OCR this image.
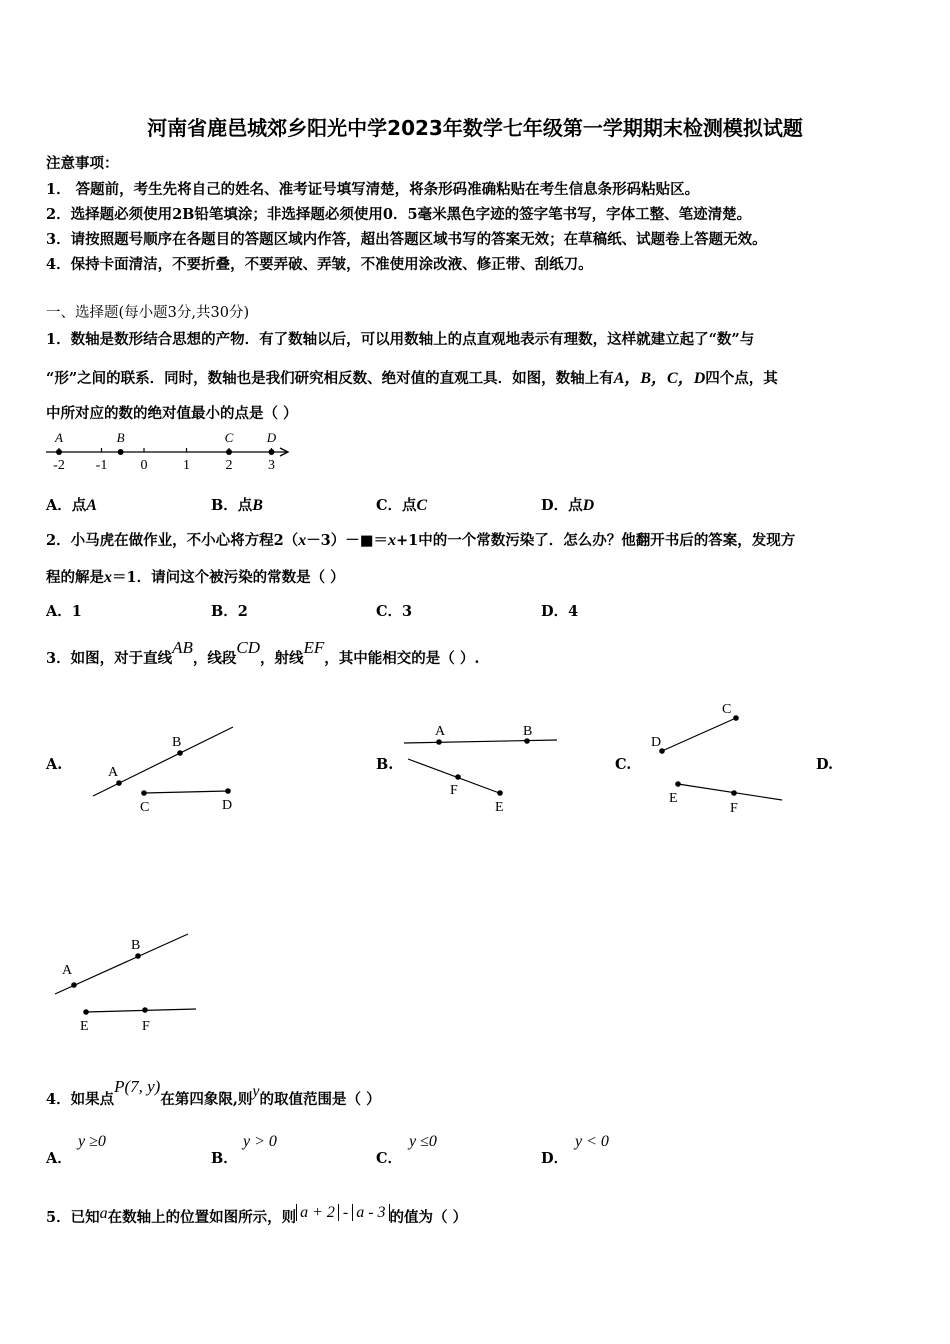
河南省鹿邑城郊乡阳光中学2023年数学七年级第一学期期末检测模拟试题
注意事项：
1． 答题前，考生先将自己的姓名、准考证号填写清楚，将条形码准确粘贴在考生信息条形码粘贴区。
2．选择题必须使用2B铅笔填涂；非选择题必须使用0．5毫米黑色字迹的签字笔书写，字体工整、笔迹清楚。
3．请按照题号顺序在各题目的答题区域内作答，超出答题区域书写的答案无效；在草稿纸、试题卷上答题无效。
4．保持卡面清洁，不要折叠，不要弄破、弄皱，不准使用涂改液、修正带、刮纸刀。
一、选择题(每小题3分,共30分)
1．数轴是数形结合思想的产物．有了数轴以后，可以用数轴上的点直观地表示有理数，这样就建立起了“数”与
“形”之间的联系．同时，数轴也是我们研究相反数、绝对值的直观工具．如图，数轴上有A，B，C，D四个点，其
中所对应的数的绝对值最小的点是（ ）
-2 -1 0	1	2	3
A	B	C	D
A．点A	B．点B	C．点C	D．点D
2．小马虎在做作业，不小心将方程2（x－3）－■＝x+1中的一个常数污染了．怎么办？他翻开书后的答案，发现方
程的解是x＝1．请问这个被污染的常数是（ ）
A．1	B．2	C．3	D．4
3．如图，对于直线AB，线段CD，射线EF，其中能相交的是（ ）.
A.	B.	C.	D.
A
B
C	D
A	B
F
E
C
D
E
F
A
B
E	F
4．如果点P(7, y)在第四象限,则y的取值范围是（ ）
A．
y ≥0
B．
y > 0
C．
y ≤0
D．
y < 0
5．已知a在数轴上的位置如图所示，则 a + 2 - a - 3 的值为（ ）
